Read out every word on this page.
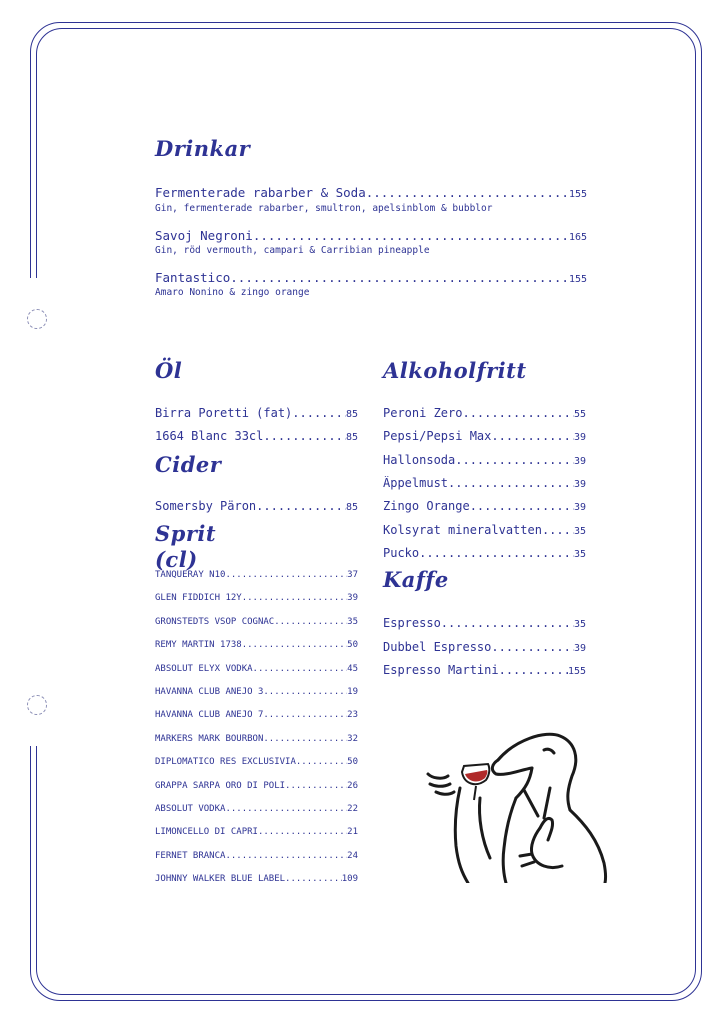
Drinkar
Fermenterade rabarber & Soda .....	155
Gin, fermenterade rabarber, smultron, apelsinblom & bubblor
Savoj Negroni .....	165
Gin, röd vermouth, campari & Carribian pineapple
Fantastico .....	155
Amaro Nonino & zingo orange
Öl
Birra Poretti (fat) .....	85
1664 Blanc 33cl .....	85
Cider
Somersby Päron .....	85
Sprit
(cl)
TANQUERAY N10 .....	37
GLEN FIDDICH 12Y .....	39
GRÖNSTEDTS VSOP COGNAC .....	35
REMY MARTIN 1738 .....	50
ABSOLUT ELYX VODKA .....	45
HAVANNA CLUB AÑEJO 3 .....	19
HAVANNA CLUB AÑEJO 7 .....	23
MARKERS MARK BOURBON .....	32
DIPLOMATICO RES EXCLUSIVIA .....	50
GRAPPA SARPA ORO DI POLI .....	26
ABSOLUT VODKA .....	22
LIMONCELLO DI CAPRI .....	21
FERNET BRANCA .....	24
JOHNNY WALKER BLUE LABEL .....	109
Alkoholfritt
Peroni Zero .....	55
Pepsi/Pepsi Max .....	39
Hallonsoda .....	39
Äppelmust .....	39
Zingo Orange .....	39
Kolsyrat mineralvatten .....	35
Pucko .....	35
Kaffe
Espresso .....	35
Dubbel Espresso .....	39
Espresso Martini .....	155
